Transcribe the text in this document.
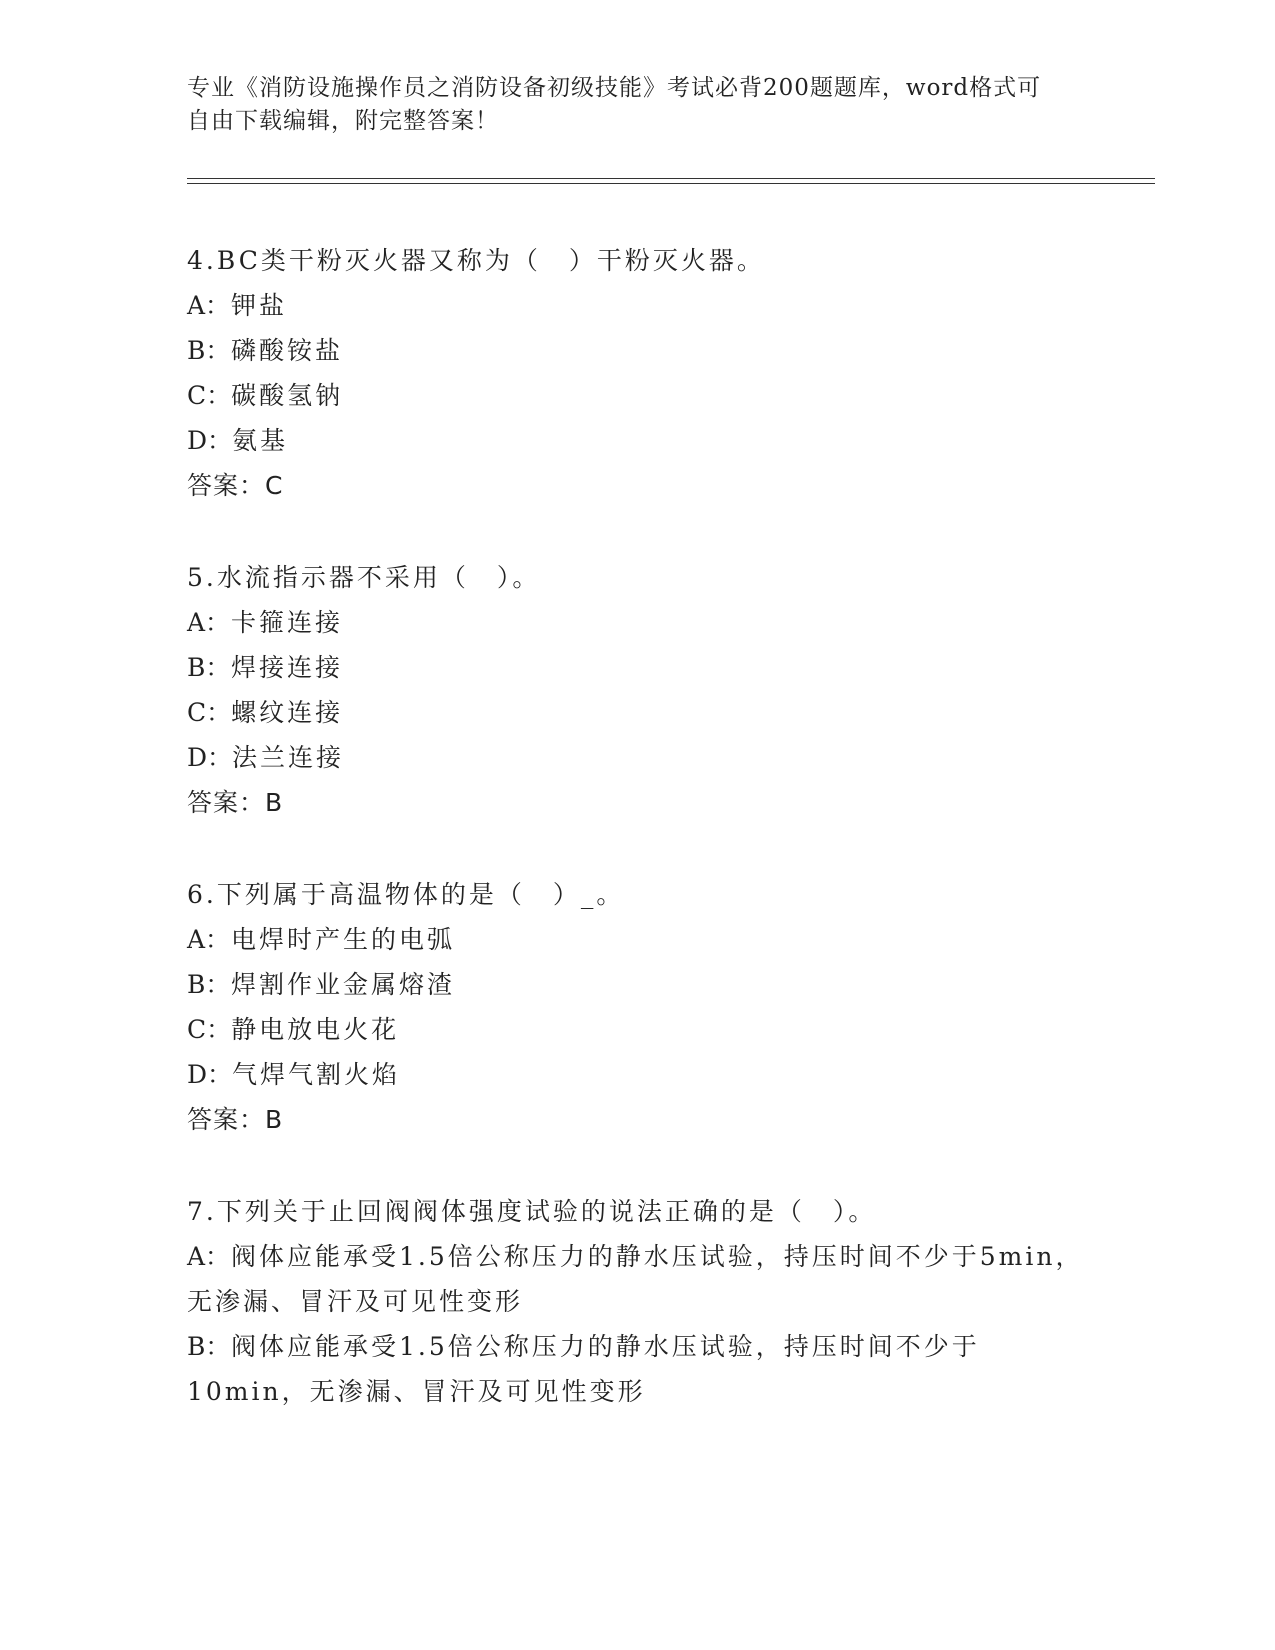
专业《消防设施操作员之消防设备初级技能》考试必背200题题库，word格式可
自由下载编辑，附完整答案！
4.BC类干粉灭火器又称为（　）干粉灭火器。
A：钾盐
B：磷酸铵盐
C：碳酸氢钠
D：氨基
答案：C
5.水流指示器不采用（　）。
A：卡箍连接
B：焊接连接
C：螺纹连接
D：法兰连接
答案：B
6.下列属于高温物体的是（　）_。
A：电焊时产生的电弧
B：焊割作业金属熔渣
C：静电放电火花
D：气焊气割火焰
答案：B
7.下列关于止回阀阀体强度试验的说法正确的是（　）。
A：阀体应能承受1.5倍公称压力的静水压试验，持压时间不少于5min，无渗漏、冒汗及可见性变形
B：阀体应能承受1.5倍公称压力的静水压试验，持压时间不少于10min，无渗漏、冒汗及可见性变形
